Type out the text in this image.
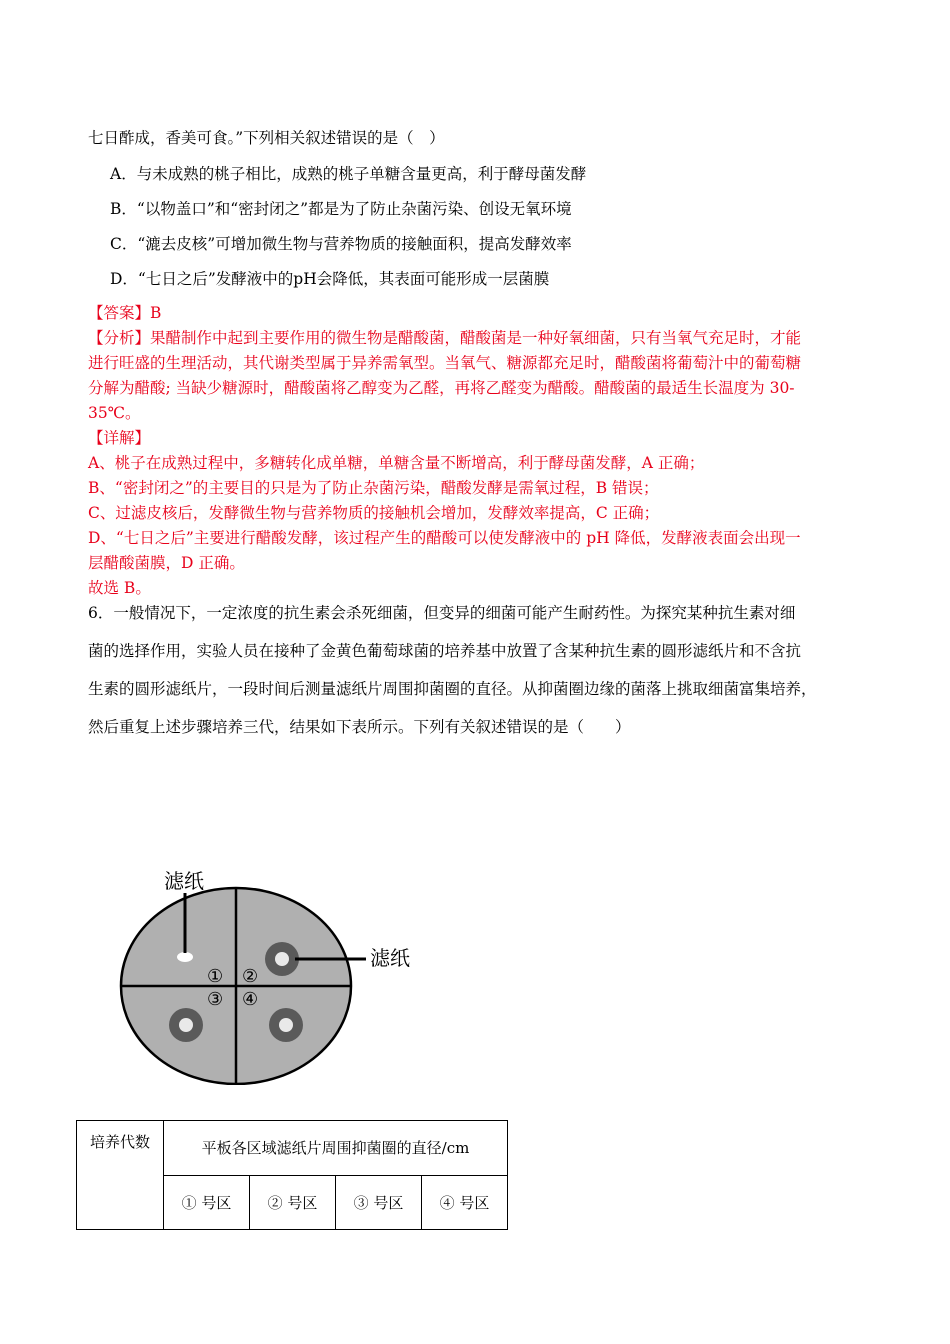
七日酢成，香美可食。”下列相关叙述错误的是（　）
A．与未成熟的桃子相比，成熟的桃子单糖含量更高，利于酵母菌发酵
B．“以物盖口”和“密封闭之”都是为了防止杂菌污染、创设无氧环境
C．“漉去皮核”可增加微生物与营养物质的接触面积，提高发酵效率
D．“七日之后”发酵液中的pH会降低，其表面可能形成一层菌膜
【答案】B
【分析】果醋制作中起到主要作用的微生物是醋酸菌，醋酸菌是一种好氧细菌，只有当氧气充足时，才能
进行旺盛的生理活动，其代谢类型属于异养需氧型。当氧气、糖源都充足时，醋酸菌将葡萄汁中的葡萄糖
分解为醋酸; 当缺少糖源时，醋酸菌将乙醇变为乙醛，再将乙醛变为醋酸。醋酸菌的最适生长温度为 30-
35℃。
【详解】
A、桃子在成熟过程中，多糖转化成单糖，单糖含量不断增高，利于酵母菌发酵，A 正确；
B、“密封闭之”的主要目的只是为了防止杂菌污染，醋酸发酵是需氧过程，B 错误；
C、过滤皮核后，发酵微生物与营养物质的接触机会增加，发酵效率提高，C 正确；
D、“七日之后”主要进行醋酸发酵，该过程产生的醋酸可以使发酵液中的 pH 降低，发酵液表面会出现一
层醋酸菌膜，D 正确。
故选 B。
6．一般情况下，一定浓度的抗生素会杀死细菌，但变异的细菌可能产生耐药性。为探究某种抗生素对细
菌的选择作用，实验人员在接种了金黄色葡萄球菌的培养基中放置了含某种抗生素的圆形滤纸片和不含抗
生素的圆形滤纸片，一段时间后测量滤纸片周围抑菌圈的直径。从抑菌圈边缘的菌落上挑取细菌富集培养，
然后重复上述步骤培养三代，结果如下表所示。下列有关叙述错误的是（　　）
滤纸
滤纸
① ②
③ ④
培养代数	平板各区域滤纸片周围抑菌圈的直径/cm			
	① 号区	② 号区	③ 号区	④ 号区
